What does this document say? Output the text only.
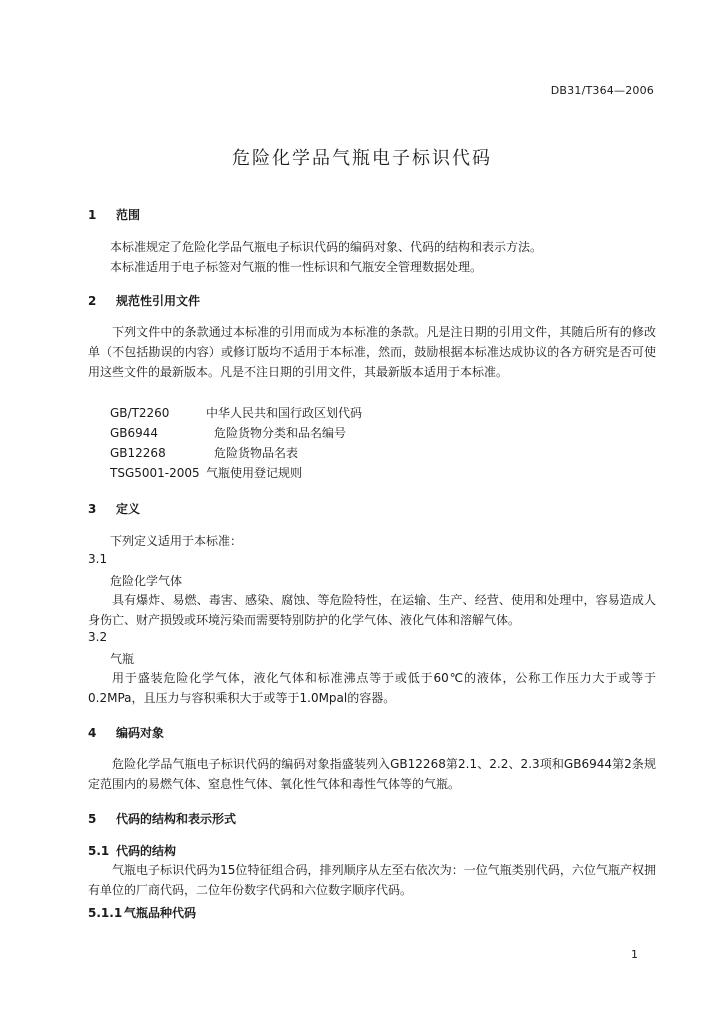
DB31/T364—2006
危险化学品气瓶电子标识代码
1 范围
本标准规定了危险化学品气瓶电子标识代码的编码对象、代码的结构和表示方法。
本标准适用于电子标签对气瓶的惟一性标识和气瓶安全管理数据处理。
2 规范性引用文件
下列文件中的条款通过本标准的引用而成为本标准的条款。凡是注日期的引用文件，其随后所有的修改单（不包括勘误的内容）或修订版均不适用于本标准，然而，鼓励根据本标准达成协议的各方研究是否可使用这些文件的最新版本。凡是不注日期的引用文件，其最新版本适用于本标准。
GB/T2260	中华人民共和国行政区划代码
GB6944	危险货物分类和品名编号
GB12268	危险货物品名表
TSG5001-2005 气瓶使用登记规则
3 定义
下列定义适用于本标准：
3.1
危险化学气体
具有爆炸、易燃、毒害、感染、腐蚀、等危险特性，在运输、生产、经营、使用和处理中，容易造成人身伤亡、财产损毁或环境污染而需要特别防护的化学气体、液化气体和溶解气体。
3.2
气瓶
用于盛装危险化学气体，液化气体和标准沸点等于或低于60℃的液体，公称工作压力大于或等于0.2MPa，且压力与容积乘积大于或等于1.0Mpal的容器。
4 编码对象
危险化学品气瓶电子标识代码的编码对象指盛装列入GB12268第2.1、2.2、2.3项和GB6944第2条规定范围内的易燃气体、窒息性气体、氧化性气体和毒性气体等的气瓶。
5 代码的结构和表示形式
5.1 代码的结构
气瓶电子标识代码为15位特征组合码，排列顺序从左至右依次为：一位气瓶类别代码，六位气瓶产权拥有单位的厂商代码，二位年份数字代码和六位数字顺序代码。
5.1.1 气瓶品种代码
1
